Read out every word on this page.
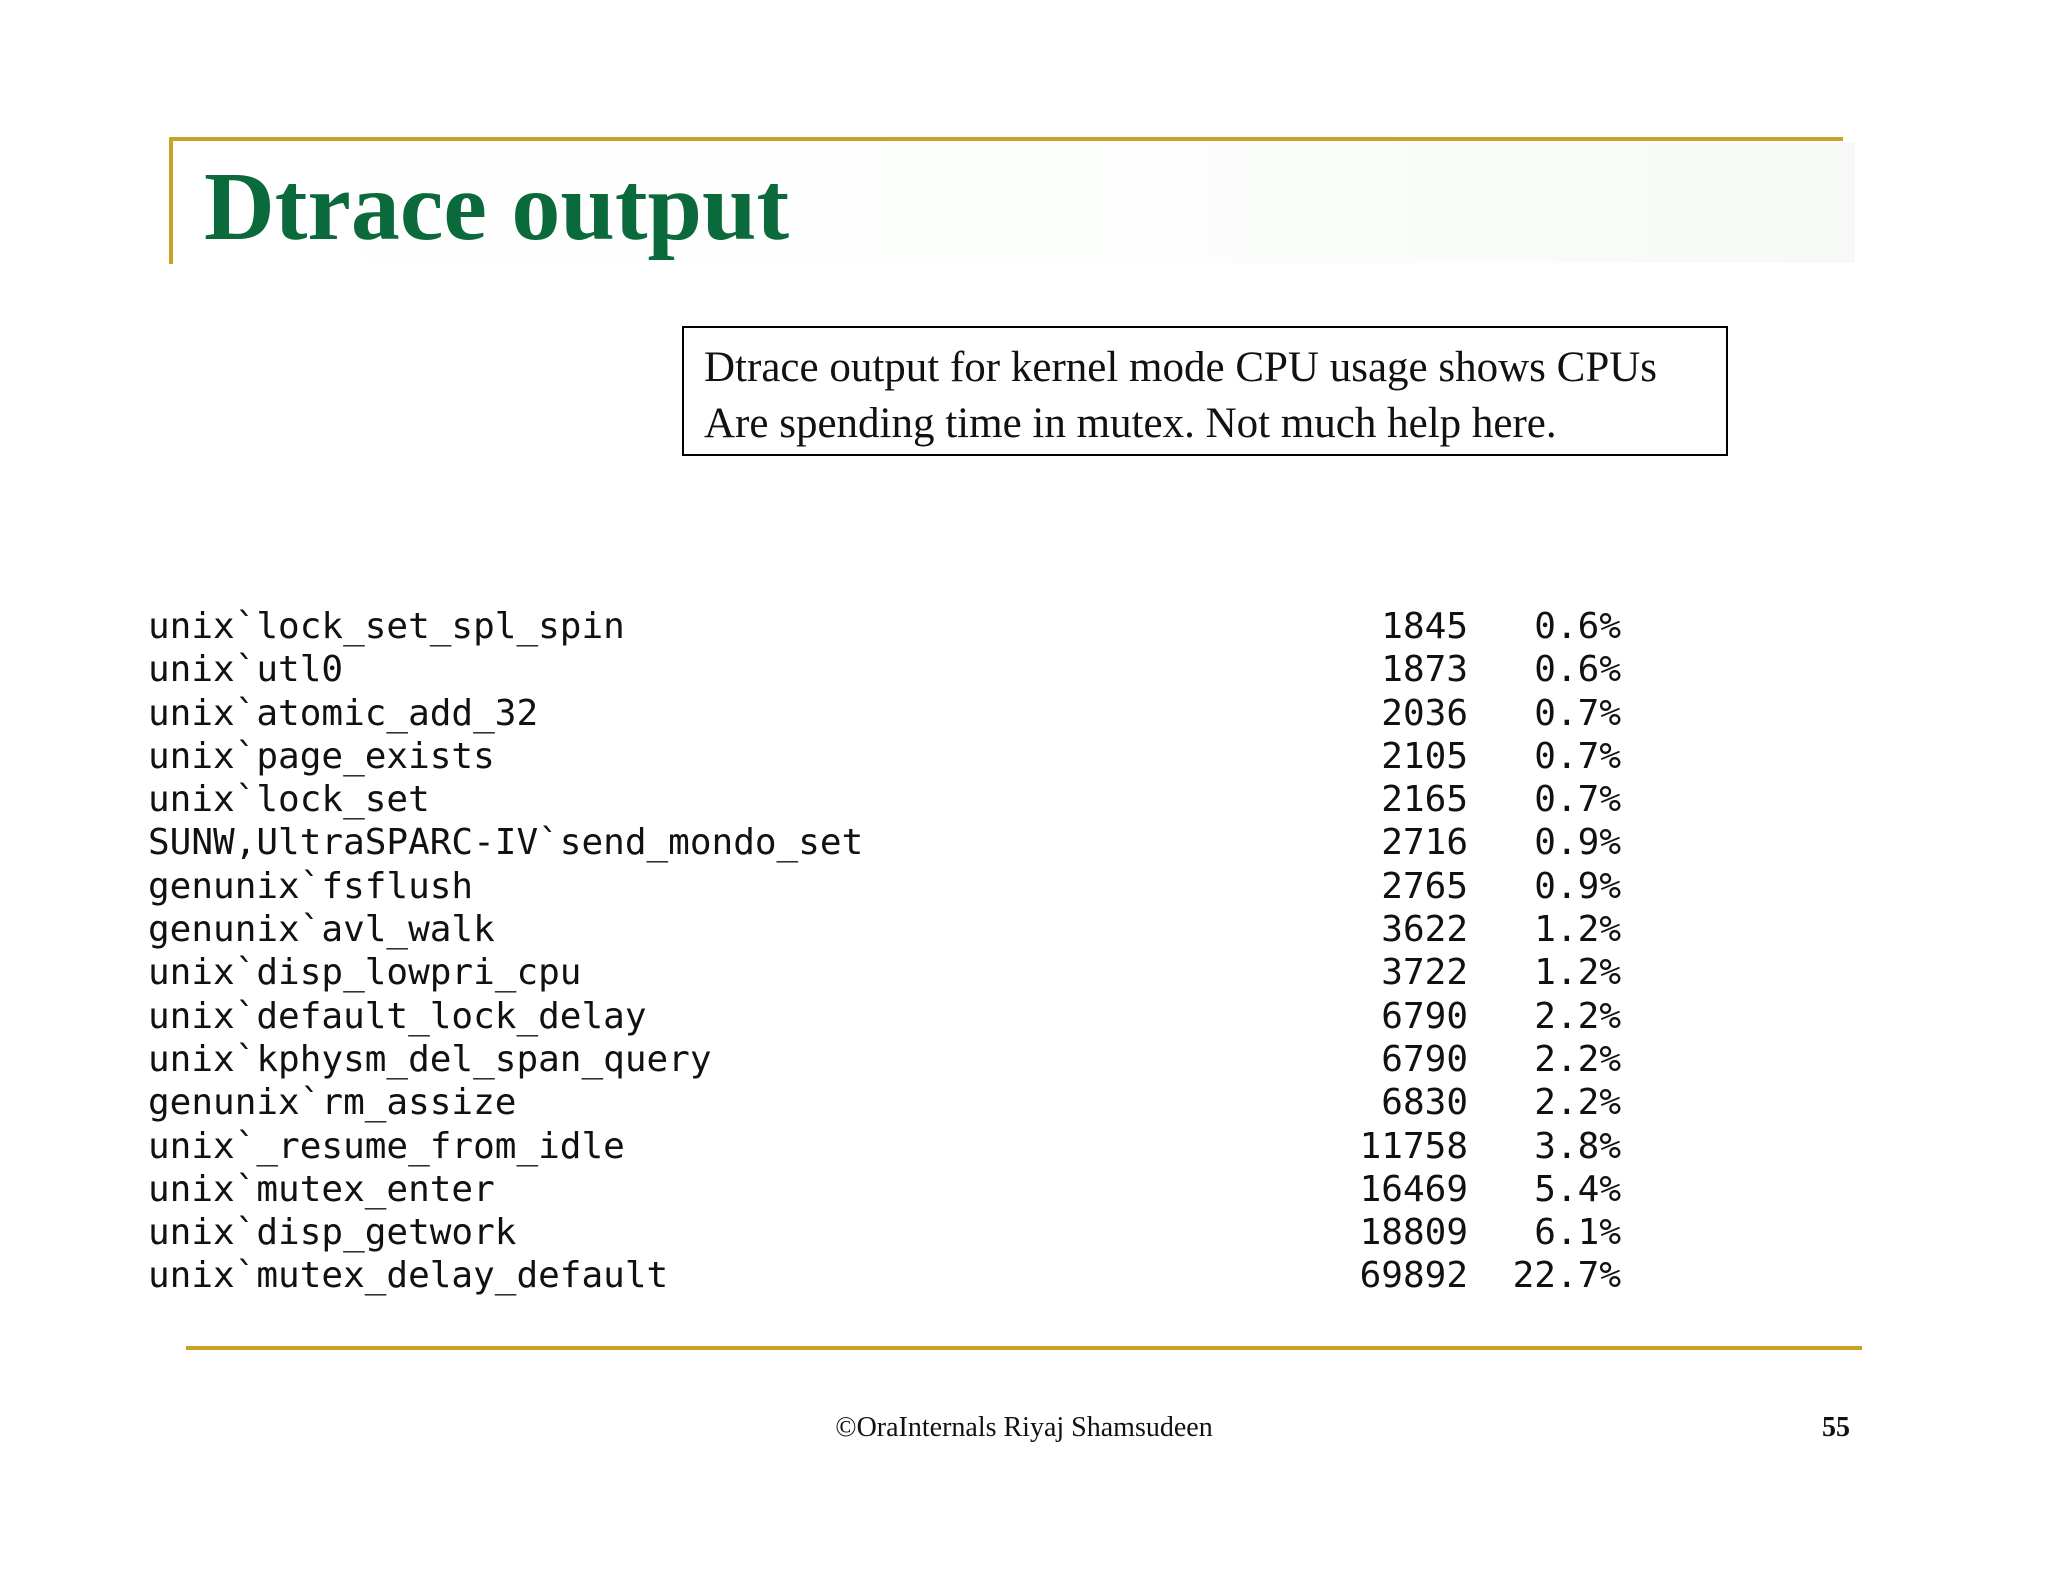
Dtrace output
Dtrace output for kernel mode CPU usage shows CPUs
Are spending time in mutex. Not much help here.
unix`lock_set_spl_spin	1845	0.6%
unix`utl0	1873	0.6%
unix`atomic_add_32	2036	0.7%
unix`page_exists	2105	0.7%
unix`lock_set	2165	0.7%
SUNW,UltraSPARC-IV`send_mondo_set	2716	0.9%
genunix`fsflush	2765	0.9%
genunix`avl_walk	3622	1.2%
unix`disp_lowpri_cpu	3722	1.2%
unix`default_lock_delay	6790	2.2%
unix`kphysm_del_span_query	6790	2.2%
genunix`rm_assize	6830	2.2%
unix`_resume_from_idle	11758	3.8%
unix`mutex_enter	16469	5.4%
unix`disp_getwork	18809	6.1%
unix`mutex_delay_default	69892	22.7%
©OraInternals Riyaj Shamsudeen	55
